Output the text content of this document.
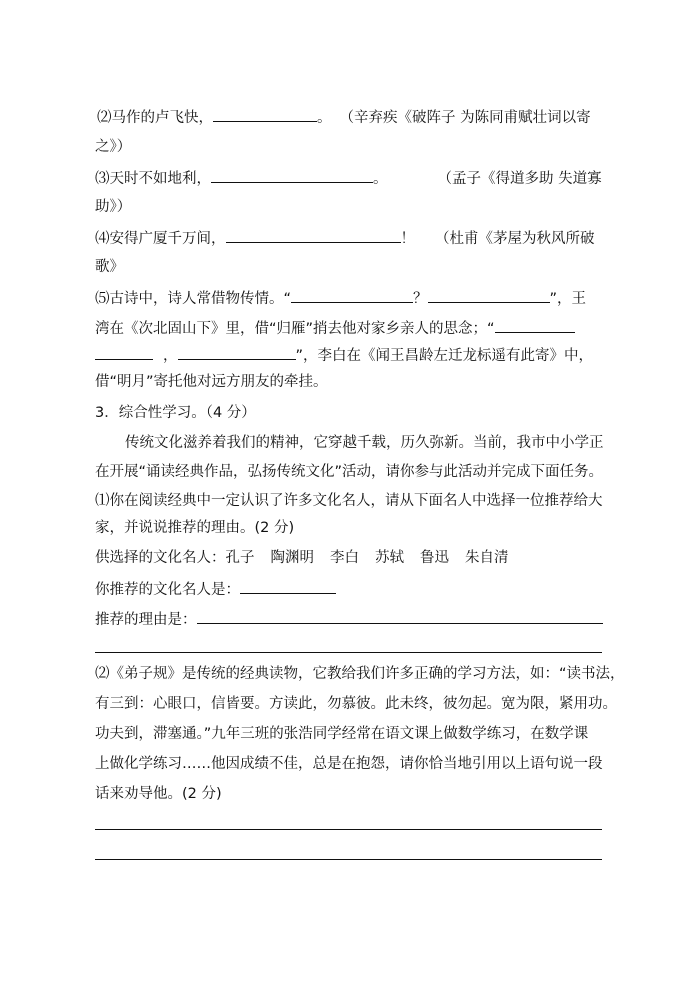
⑵马作的卢飞快，	。 （辛弃疾《破阵子 为陈同甫赋壮词以寄
之》）
⑶天时不如地利，	。	（孟子《得道多助 失道寡
助》）
⑷安得广厦千万间，	！ （杜甫《茅屋为秋风所破
歌》
⑸古诗中，诗人常借物传情。“	？	”，王
湾在《次北固山下》里，借“归雁”捎去他对家乡亲人的思念；“
，	”，李白在《闻王昌龄左迁龙标遥有此寄》中，
借“明月”寄托他对远方朋友的牵挂。
3．综合性学习。（4 分）
传统文化滋养着我们的精神，它穿越千载，历久弥新。当前，我市中小学正
在开展“诵读经典作品，弘扬传统文化”活动，请你参与此活动并完成下面任务。
⑴你在阅读经典中一定认识了许多文化名人，请从下面名人中选择一位推荐给大
家，并说说推荐的理由。(2 分)
供选择的文化名人：孔子 陶渊明 李白 苏轼 鲁迅 朱自清
你推荐的文化名人是：
推荐的理由是：
⑵《弟子规》是传统的经典读物，它教给我们许多正确的学习方法，如：“读书法，
有三到：心眼口，信皆要。方读此，勿慕彼。此未终，彼勿起。宽为限，紧用功。
功夫到，滞塞通。”九年三班的张浩同学经常在语文课上做数学练习，在数学课
上做化学练习……他因成绩不佳，总是在抱怨，请你恰当地引用以上语句说一段
话来劝导他。(2 分)
